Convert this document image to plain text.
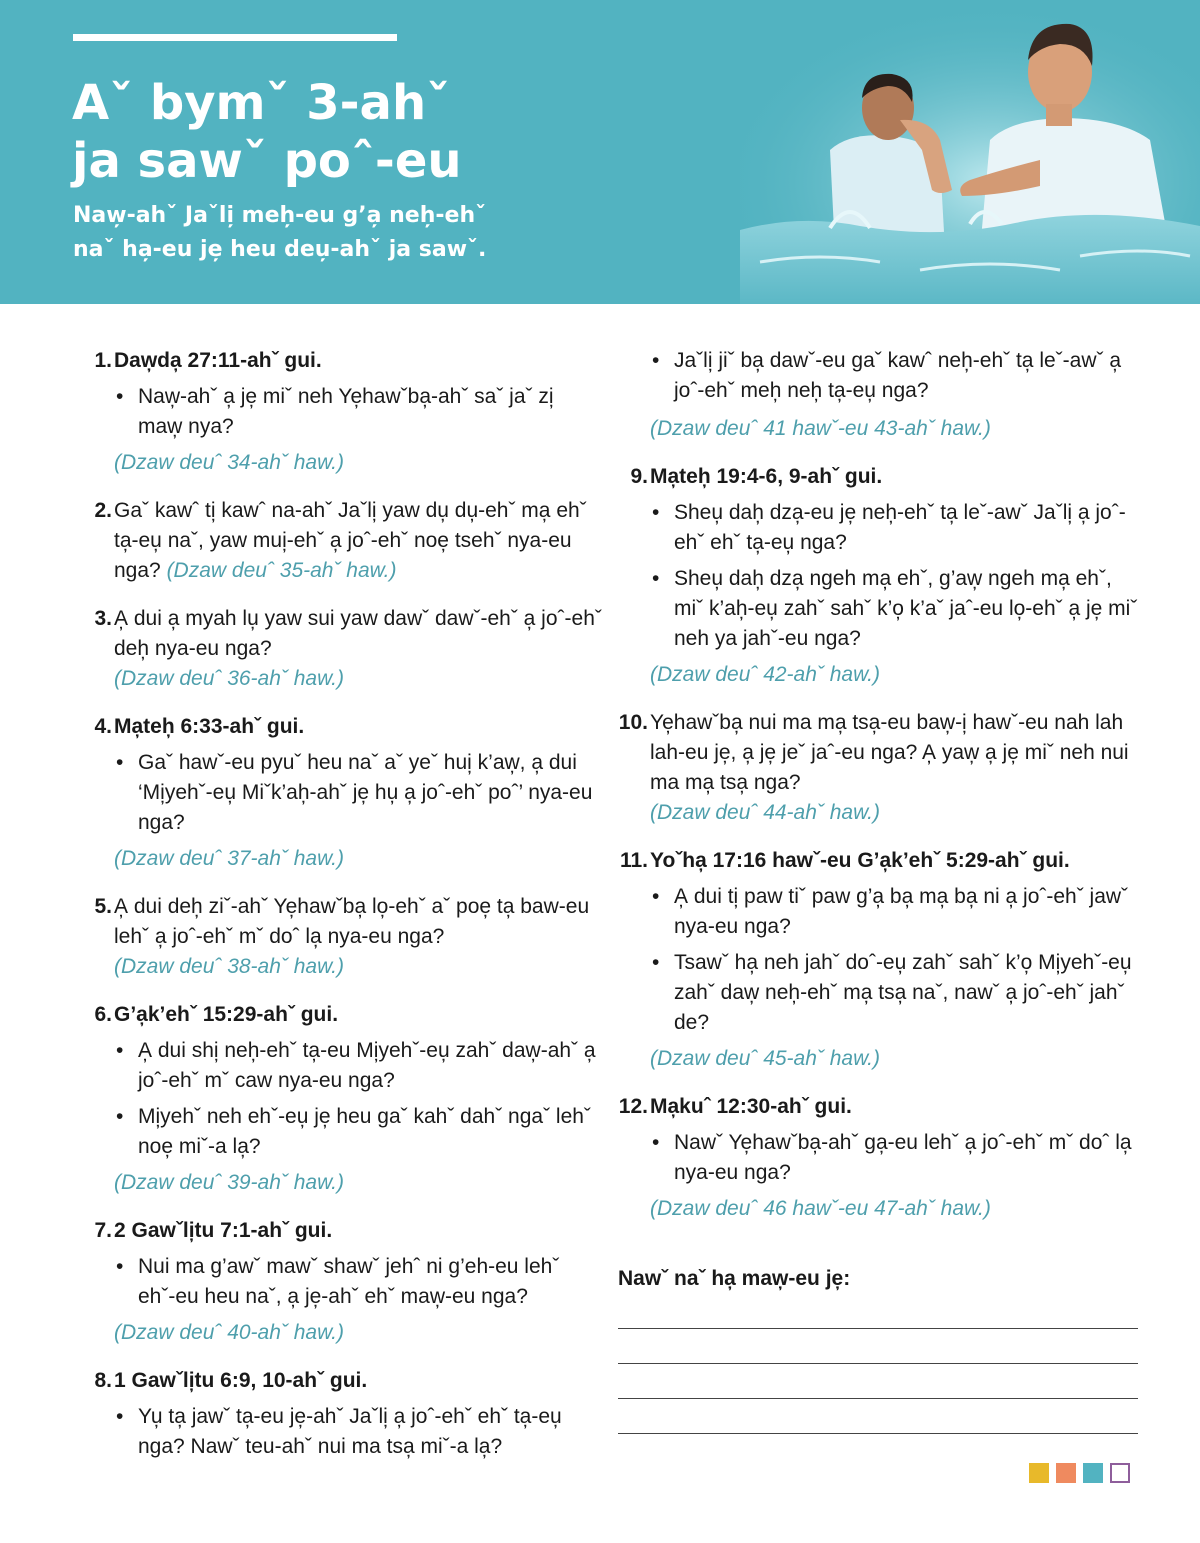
Aˇ bymˇ 3-ahˇ
ja sawˇ poˆ-eu
Naw̦-ahˇ Jaˇli̦ meh̦-eu g’a̦ neh̦-ehˇ
naˇ ha̦-eu je̦ heu deu̦-ahˇ ja sawˇ.
1. Daw̦da̦ 27:11-ahˇ gui.
• Naw̦-ahˇ a̦ je̦ miˇ neh Ye̦hawˇba̦-ahˇ saˇ jaˇ zi̦ maw̦ nya?
(Dzaw deuˆ 34-ahˇ haw.)
2. Gaˇ kawˆ ti̦ kawˆ na-ahˇ Jaˇli̦ yaw du̦ du̦-ehˇ ma̦ ehˇ ta̦-eu̦ naˇ, yaw mui̦-ehˇ a̦ joˆ-ehˇ noe̦ tsehˇ nya-eu nga? (Dzaw deuˆ 35-ahˇ haw.)
3. A̦ dui a̦ myah lu̦ yaw sui yaw dawˇ dawˇ-ehˇ a̦ joˆ-ehˇ deh̦ nya-eu nga?
(Dzaw deuˆ 36-ahˇ haw.)
4. Ma̦teh̦ 6:33-ahˇ gui.
• Gaˇ hawˇ-eu pyuˇ heu naˇ aˇ yeˇ hui̦ k’aw̦, a̦ dui ‘Mi̦yehˇ-eu̦ Miˇk’ah̦-ahˇ je̦ hu̦ a̦ joˆ-ehˇ poˆ’ nya-eu nga?
(Dzaw deuˆ 37-ahˇ haw.)
5. A̦ dui deh̦ ziˇ-ahˇ Ye̦hawˇba̦ lo̦-ehˇ aˇ poe̦ ta̦ baw-eu lehˇ a̦ joˆ-ehˇ mˇ doˆ la̦ nya-eu nga?
(Dzaw deuˆ 38-ahˇ haw.)
6. G’a̦k’ehˇ 15:29-ahˇ gui.
• A̦ dui shi̦ neh̦-ehˇ ta̦-eu Mi̦yehˇ-eu̦ zahˇ daw̦-ahˇ a̦ joˆ-ehˇ mˇ caw nya-eu nga?
• Mi̦yehˇ neh ehˇ-eu̦ je̦ heu gaˇ kahˇ dahˇ ngaˇ lehˇ noe̦ miˇ-a la̦?
(Dzaw deuˆ 39-ahˇ haw.)
7. 2 Gawˇli̦tu 7:1-ahˇ gui.
• Nui ma g’awˇ mawˇ shawˇ jehˆ ni g’eh-eu lehˇ ehˇ-eu heu naˇ, a̦ je̦-ahˇ ehˇ maw̦-eu nga?
(Dzaw deuˆ 40-ahˇ haw.)
8. 1 Gawˇli̦tu 6:9, 10-ahˇ gui.
• Yu̦ ta̦ jawˇ ta̦-eu je̦-ahˇ Jaˇli̦ a̦ joˆ-ehˇ ehˇ ta̦-eu̦ nga? Nawˇ teu-ahˇ nui ma tsa̦ miˇ-a la̦?
• Jaˇli̦ jiˇ ba̦ dawˇ-eu gaˇ kawˆ neh̦-ehˇ ta̦ leˇ-awˇ a̦ joˆ-ehˇ meh̦ neh̦ ta̦-eu̦ nga?
(Dzaw deuˆ 41 hawˇ-eu 43-ahˇ haw.)
9. Ma̦teh̦ 19:4-6, 9-ahˇ gui.
• Sheu̦ dah̦ dza̦-eu je̦ neh̦-ehˇ ta̦ leˇ-awˇ Jaˇli̦ a̦ joˆ-ehˇ ehˇ ta̦-eu̦ nga?
• Sheu̦ dah̦ dza̦ ngeh ma̦ ehˇ, g’aw̦ ngeh ma̦ ehˇ, miˇ k’ah̦-eu̦ zahˇ sahˇ k’o̦ k’aˇ jaˆ-eu lo̦-ehˇ a̦ je̦ miˇ neh ya jahˇ-eu nga?
(Dzaw deuˆ 42-ahˇ haw.)
10. Ye̦hawˇba̦ nui ma ma̦ tsa̦-eu baw̦-i̦ hawˇ-eu nah lah lah-eu je̦, a̦ je̦ jeˇ jaˆ-eu nga? A̦ yaw̦ a̦ je̦ miˇ neh nui ma ma̦ tsa̦ nga?
(Dzaw deuˆ 44-ahˇ haw.)
11. Yoˇha̦ 17:16 hawˇ-eu G’a̦k’ehˇ 5:29-ahˇ gui.
• A̦ dui ti̦ paw tiˇ paw g’a̦ ba̦ ma̦ ba̦ ni a̦ joˆ-ehˇ jawˇ nya-eu nga?
• Tsawˇ ha̦ neh jahˇ doˆ-eu̦ zahˇ sahˇ k’o̦ Mi̦yehˇ-eu̦ zahˇ daw̦ neh̦-ehˇ ma̦ tsa̦ naˇ, nawˇ a̦ joˆ-ehˇ jahˇ de?
(Dzaw deuˆ 45-ahˇ haw.)
12. Ma̦kuˆ 12:30-ahˇ gui.
• Nawˇ Ye̦hawˇba̦-ahˇ ga̦-eu lehˇ a̦ joˆ-ehˇ mˇ doˆ la̦ nya-eu nga?
(Dzaw deuˆ 46 hawˇ-eu 47-ahˇ haw.)
Nawˇ naˇ ha̦ maw̦-eu je̦:
